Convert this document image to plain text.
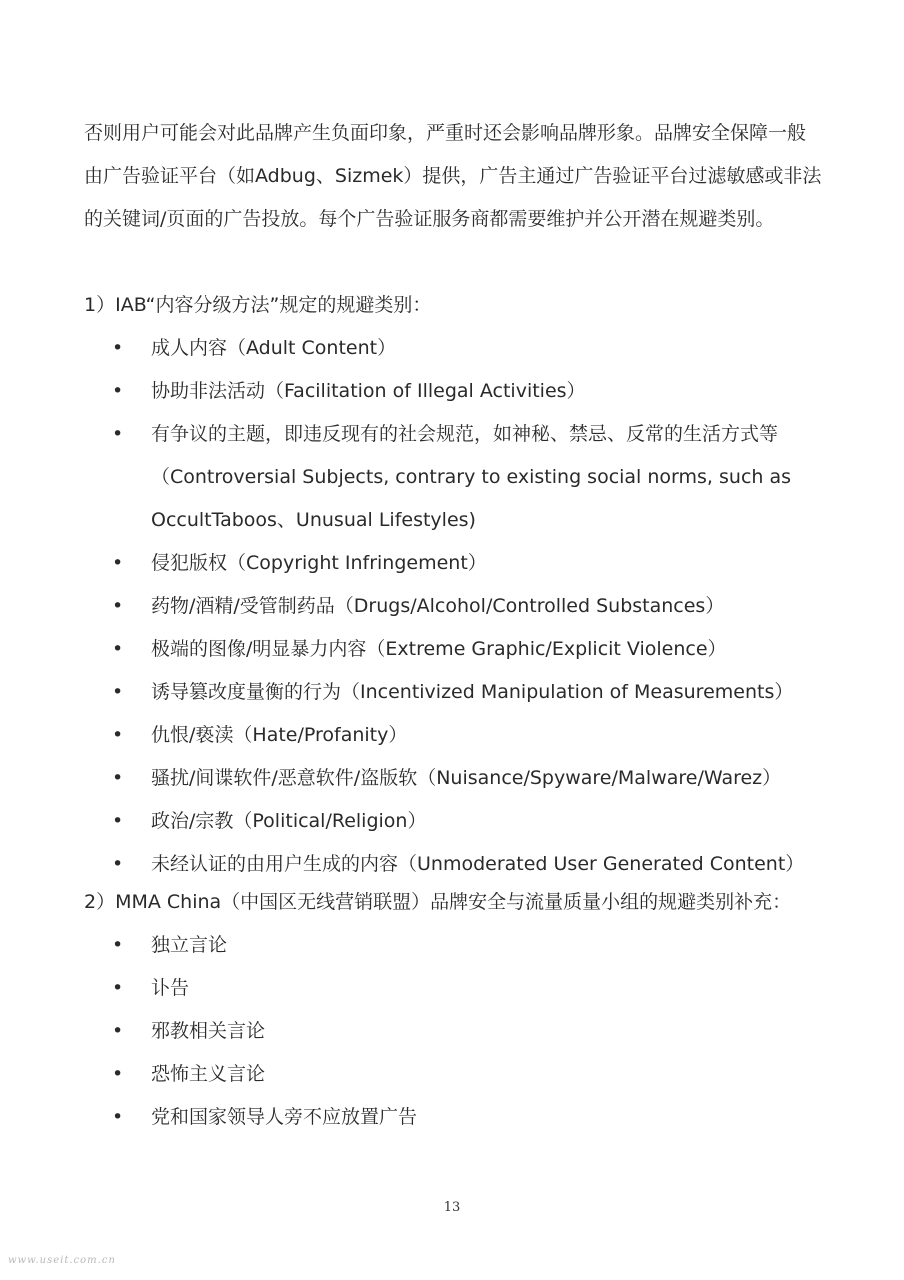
否则用户可能会对此品牌产生负面印象，严重时还会影响品牌形象。品牌安全保障一般由广告验证平台（如Adbug、Sizmek）提供，广告主通过广告验证平台过滤敏感或非法的关键词/页面的广告投放。每个广告验证服务商都需要维护并公开潜在规避类别。

1）IAB“内容分级方法”规定的规避类别：
• 成人内容（Adult Content）
• 协助非法活动（Facilitation of Illegal Activities）
• 有争议的主题，即违反现有的社会规范，如神秘、禁忌、反常的生活方式等（Controversial Subjects, contrary to existing social norms, such as OccultTaboos、Unusual Lifestyles)
• 侵犯版权（Copyright Infringement）
• 药物/酒精/受管制药品（Drugs/Alcohol/Controlled Substances）
• 极端的图像/明显暴力内容（Extreme Graphic/Explicit Violence）
• 诱导篡改度量衡的行为（Incentivized Manipulation of Measurements）
• 仇恨/亵渎（Hate/Profanity）
• 骚扰/间谍软件/恶意软件/盗版软（Nuisance/Spyware/Malware/Warez）
• 政治/宗教（Political/Religion）
• 未经认证的由用户生成的内容（Unmoderated User Generated Content）
2）MMA China（中国区无线营销联盟）品牌安全与流量质量小组的规避类别补充：
• 独立言论
• 讣告
• 邪教相关言论
• 恐怖主义言论
• 党和国家领导人旁不应放置广告
13
www.useit.com.cn
